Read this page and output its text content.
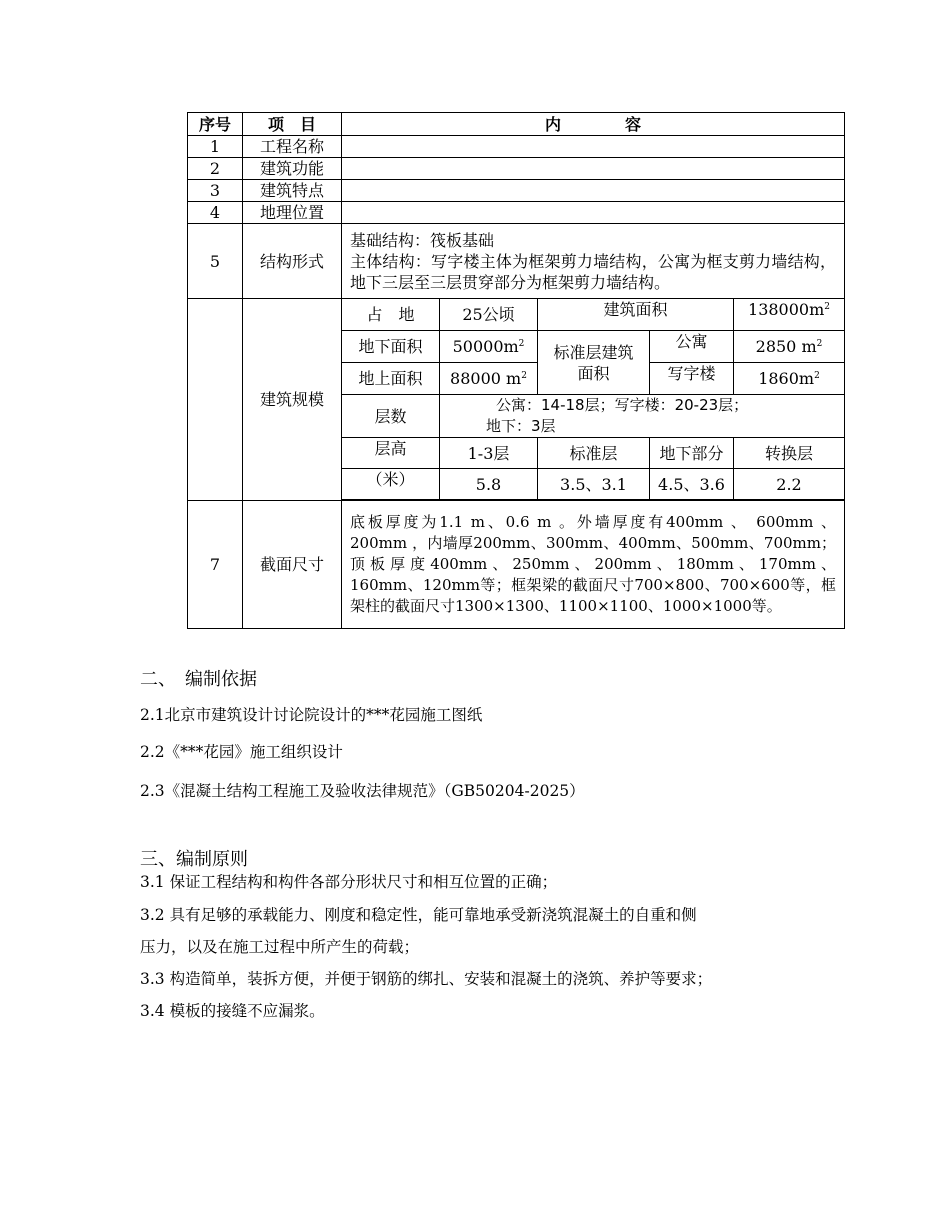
序号	项　目	内　　　　容				
1	工程名称					
2	建筑功能					
3	建筑特点					
4	地理位置					
5	结构形式	基础结构：筏板基础
主体结构：写字楼主体为框架剪力墙结构，公寓为框支剪力墙结构，地下三层至三层贯穿部分为框架剪力墙结构。				

	建筑规模	占　地	25公顷	建筑面积		$138000m^2$
		地下面积	$50000m^2$	标准层建筑面积	公寓	2850 $m^2$
		地上面积	88000 $m^2$		写字楼	$1860m^2$
		层数	公寓：14-18层；写字楼：20-23层；
地下：3层			

		层高	1-3层	标准层	地下部分	转换层
		（米）	5.8	3.5、3.1	4.5、3.6	2.2

7	截面尺寸	底板厚度为1.1 m、0.6 m 。外墙厚度有400mm 、 600mm 、 200mm ，内墙厚200mm、300mm、400mm、500mm、700mm；顶板厚度400mm、250mm、200mm、180mm、170mm、160mm、120mm等；框架梁的截面尺寸700×800、700×600等，框架柱的截面尺寸1300×1300、1100×1100、1000×1000等。				
二、　编制依据
2.1北京市建筑设计讨论院设计的***花园施工图纸
2.2《***花园》施工组织设计
2.3《混凝土结构工程施工及验收法律规范》（GB50204-2025）
三、编制原则
3.1 保证工程结构和构件各部分形状尺寸和相互位置的正确；
3.2 具有足够的承载能力、刚度和稳定性，能可靠地承受新浇筑混凝土的自重和侧
压力，以及在施工过程中所产生的荷载；
3.3 构造简单，装拆方便，并便于钢筋的绑扎、安装和混凝土的浇筑、养护等要求；
3.4 模板的接缝不应漏浆。
